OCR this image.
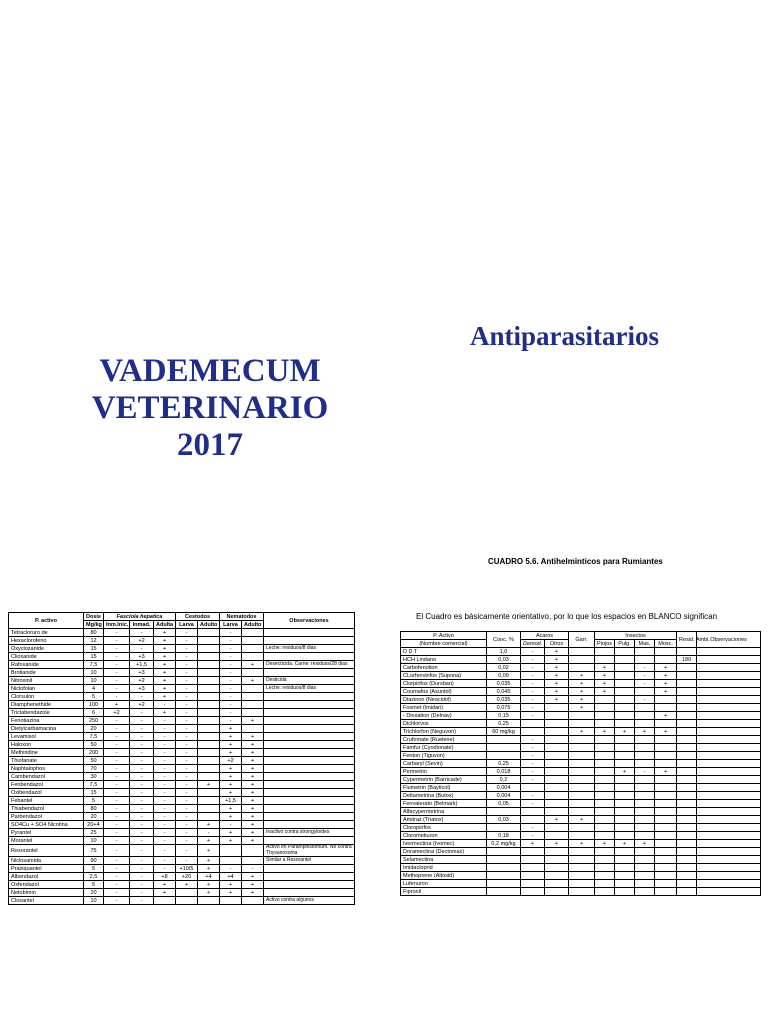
VADEMECUM
VETERINARIO
2017
Antiparasitarios
CUADRO 5.6. Antihelminticos para Rumiantes
El Cuadro es básicamente orientativo, por lo que los espacios en BLANCO significan
P. activo	Dosis	Fasciola hepatica			Cestodos		Nematodos		Observaciones
	Mg/kg	Inm.Inic.	Inmad.	Adulta	Larva	Adulto	Larva	Adulto	
Tetracloruro de	80	-	-	+	-		-		
Hexaclorofeno	12	-	+2	+	-		-		
Oxyclozanide	15	-	-	+	-		-		Leche: residuos/8 dias
Clioxanide	15	-	+3	+	-		-		
Rafoxanide	7,5	-	+1,5	+	-		-	+	Desecticida. Carne; residuos/28 dias
Brotianide	10	-	+3	+	-		-		
Nitroxinil	10	-	+2	+	-		-	+	Desticida
Niclofolan	4	-	+3	+	-		-		Leche: residuos/8 dias
Clorsulon	5	-	-	+	-		-		
Diamphenethide	100	+	+2	-	-		-		
Triclabendazole	6	+2	-	+	-		-		
Fenotiazina	250	-	-	-	-		-	+	
Dietylcarbamacina	20	-	-	-	-		+		
Levamisol	7,5	-	-	-	-		+	+	
Haloxon	50	-	-	-	-		+	+	
Methiridine	200	-	-	-	-		+	+	
Thiofanate	50	-	-	-	-		+2	+	
Naphtalophos	70	-	-	-	-		+	+	
Cambendazol	30	-	-	-	-		+	+	
Fenbendazol	7,5	-	-	-	-	+	+	+	
Oxibendazol	15	-	-	-	-		+	+	
Febantel	5	-	-	-	-		+1,5	+	
Thiabendazol	80	-	-	-	-		+	+	
Parbendazol	20	-	-	-	-		+	+	
SO4Cu + SO4 Nicotina	20+4	-	-	-	-	+	-	+	
Pyrantel	25	-	-	-	-	-	+	+	Inactivo contra strongyloides
Morantel	10	-	-	-	-	+	+	+	
Resorantel	75	-	-	-	-	+			Activo en Paramphistomum. No contra Thysanosoma
Niclosamida	90	-	-	-	-	+			Similar a Resorantel
Praziquantel	5	-	-	-	+10/5	+	-	-	
Albendazol	2,5	-	-	+8	+20	+4	+4	+	
Oxfendazol	5	-	-	+	+	+	+	+	
Netobimin	20	-	-	+		+	+	+	
Closantel	10	-	-						Activo contra algunos
P. Activo	Conc. %	Acaros		Garr.	Insectos				Resid. Ambi.	Observaciones
(Nombre comercial)		Demod.	Otros		Piojos	Pulg.	Mas.	Mosc.		
D D T	1,0	-	+							
HCH Lindano	0,03	-	+						180	
Carbofenotion	0,02	-	+		+		-	+		
CLorfenvinfos (Supona)	0,09	-	+	+	+		-	+		
Clorpirifos (Dursban)	0,035	-	+	+	+		-	+		
Coumafos (Asuntol)	0,045	-	+	+	+			+		
Diazinon (Neocidol)	0,035	-	+	+			-			
Fosmet (Imidan)	0,075	-		+						
- Dioxation (Delnav)	0,15	-						+		
Dichlorvos	0,25									
Trichlorfon (Neguvon)	60 mg/kg			+	+	+	+	+		
Crufomate (Ruelene)		-								
Famfur (Cyodionate)		-								
Fenton (Tiguvon)		-								
Carbaryl (Sevin)	0,25	-								
Permetrin	0,018	-				+	-	+		
Cypermetrin (Barricade)	0,2	-								
Flumetrin (Bayticol)	0,004									
Deltametrina (Butox)	0,004	-								
Fenvalerato (Belmark)	0,05	-								
Alfacypermetrina										
Amitraz (Triatox)	0,03		+	+						
Cloropirifos		-								
Clorometiuron	0,18	-								
Ivermectina (Ivomec)	0,2 mg/kg	+	+	+	+	+	+			
Doramectina (Dectomax)										
Selamectina										
Imidacloprid										
Methoprene (Altosid)										
Lufenuron										
Fipronil										
